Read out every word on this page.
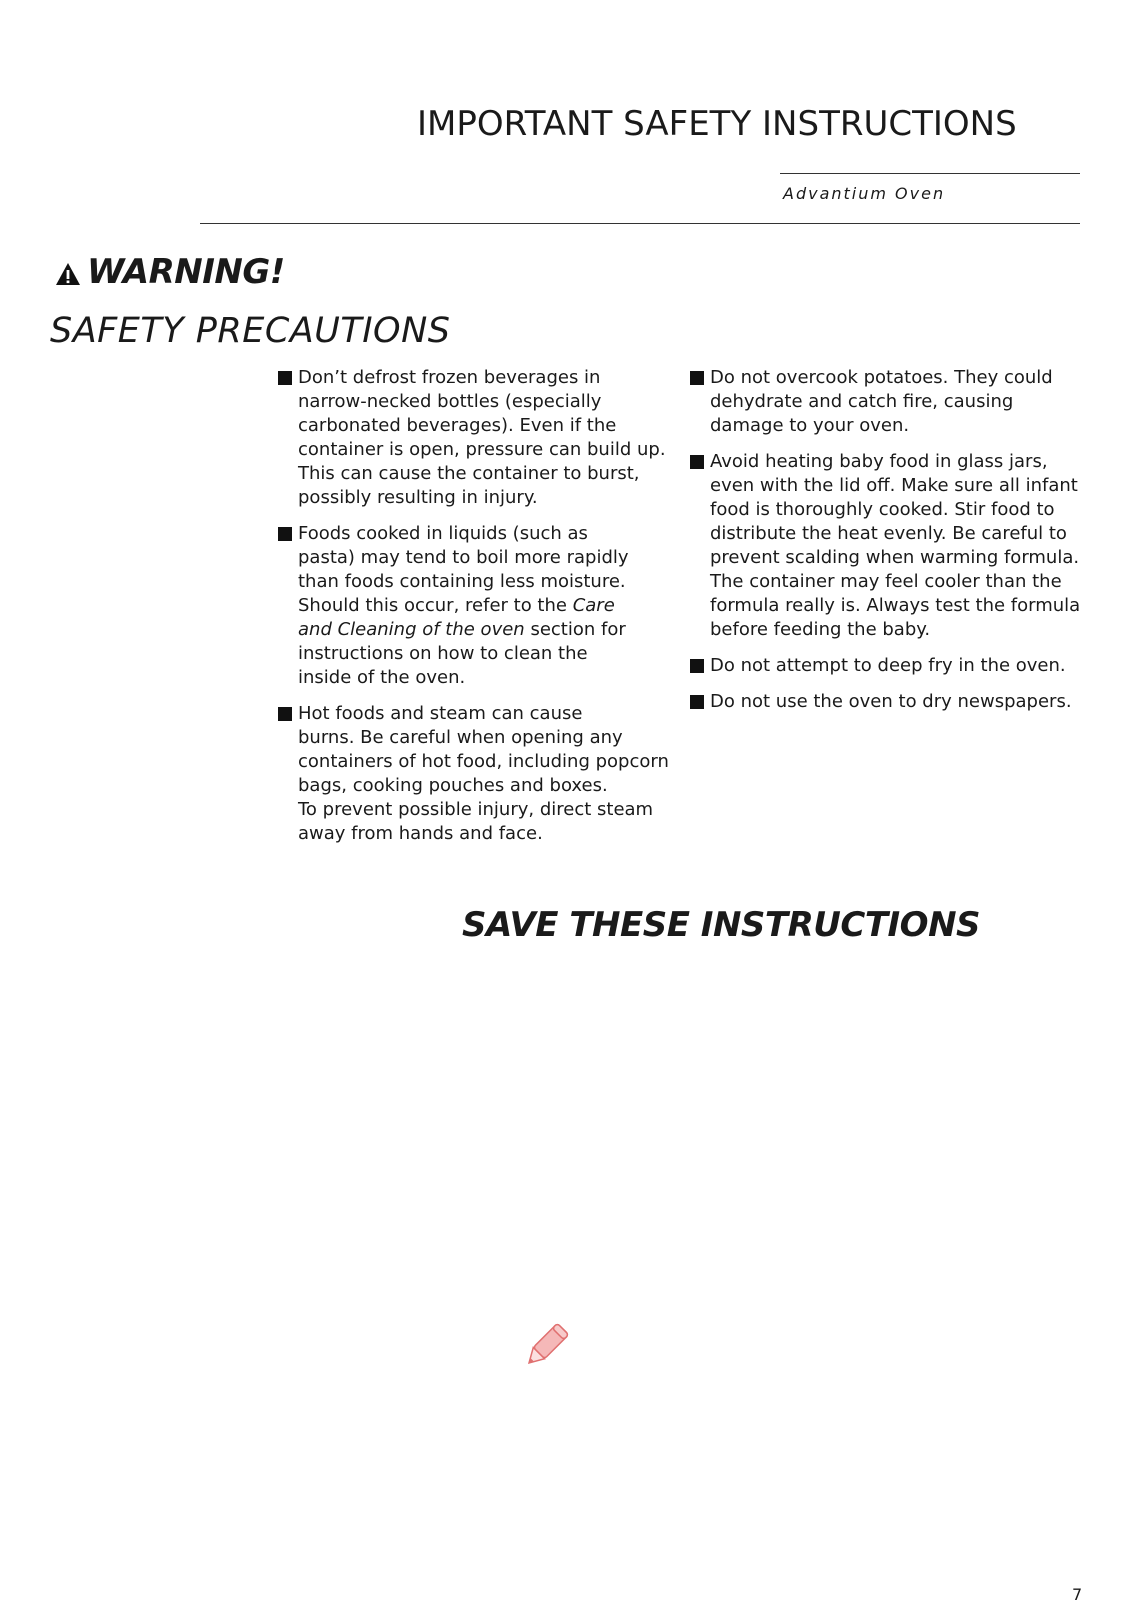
IMPORTANT SAFETY INSTRUCTIONS
Advantium Oven
WARNING!
SAFETY PRECAUTIONS
Don’t defrost frozen beverages in
narrow-necked bottles (especially
carbonated beverages). Even if the
container is open, pressure can build up.
This can cause the container to burst,
possibly resulting in injury.
Foods cooked in liquids (such as
pasta) may tend to boil more rapidly
than foods containing less moisture.
Should this occur, refer to the Care
and Cleaning of the oven section for
instructions on how to clean the
inside of the oven.
Hot foods and steam can cause
burns. Be careful when opening any
containers of hot food, including popcorn
bags, cooking pouches and boxes.
To prevent possible injury, direct steam
away from hands and face.
Do not overcook potatoes. They could
dehydrate and catch fire, causing
damage to your oven.
Avoid heating baby food in glass jars,
even with the lid off. Make sure all infant
food is thoroughly cooked. Stir food to
distribute the heat evenly. Be careful to
prevent scalding when warming formula.
The container may feel cooler than the
formula really is. Always test the formula
before feeding the baby.
Do not attempt to deep fry in the oven.
Do not use the oven to dry newspapers.
SAVE THESE INSTRUCTIONS
7
